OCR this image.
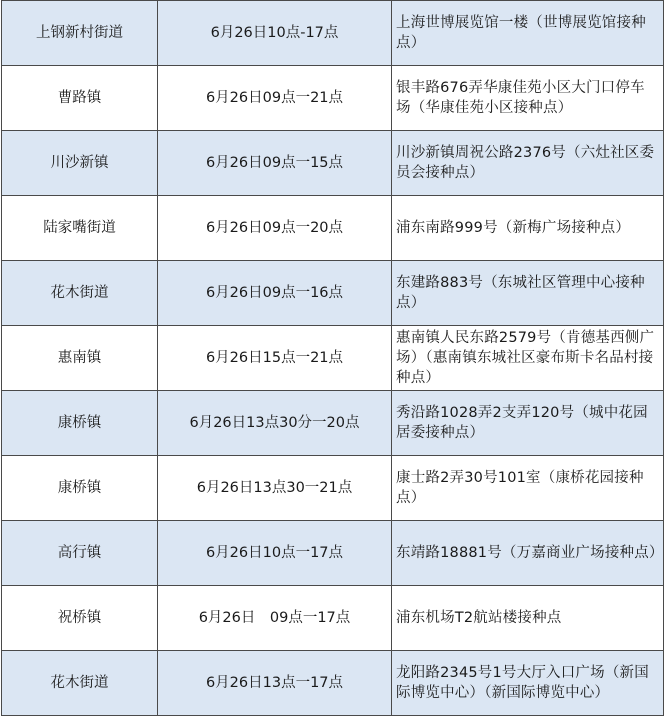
上钢新村街道	6月26日10点-17点	上海世博展览馆一楼（世博展览馆接种点）
曹路镇	6月26日09点一21点	银丰路676弄华康佳苑小区大门口停车场（华康佳苑小区接种点）
川沙新镇	6月26日09点一15点	川沙新镇周祝公路2376号（六灶社区委员会接种点）
陆家嘴街道	6月26日09点一20点	浦东南路999号（新梅广场接种点）
花木街道	6月26日09点一16点	东建路883号（东城社区管理中心接种点）
惠南镇	6月26日15点一21点	惠南镇人民东路2579号（肯德基西侧广场）（惠南镇东城社区豪布斯卡名品村接种点）
康桥镇	6月26日13点30分一20点	秀沿路1028弄2支弄120号（城中花园居委接种点）
康桥镇	6月26日13点30一21点	康士路2弄30号101室（康桥花园接种点）
高行镇	6月26日10点一17点	东靖路18881号（万嘉商业广场接种点）
祝桥镇	6月26日　09点一17点	浦东机场T2航站楼接种点
花木街道	6月26日13点一17点	龙阳路2345号1号大厅入口广场（新国际博览中心）（新国际博览中心）
